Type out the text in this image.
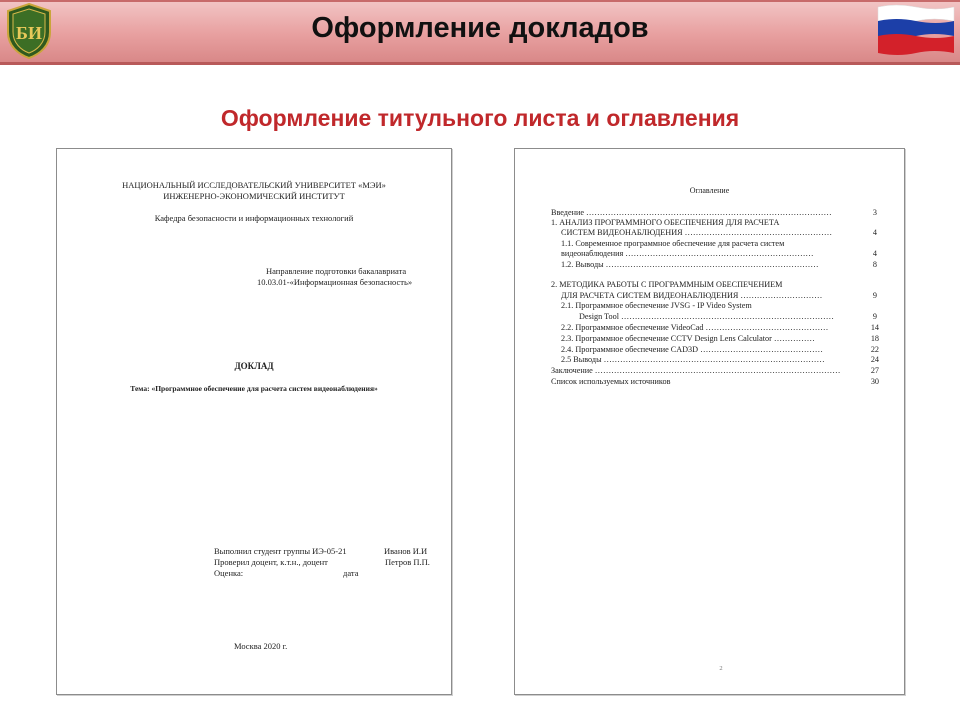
БИ	Оформление докладов
Оформление титульного листа и оглавления
НАЦИОНАЛЬНЫЙ ИССЛЕДОВАТЕЛЬСКИЙ УНИВЕРСИТЕТ «МЭИ»
ИНЖЕНЕРНО-ЭКОНОМИЧЕСКИЙ ИНСТИТУТ
Кафедра безопасности и информационных технологий
Направление подготовки бакалавриата
10.03.01-«Информационная безопасность»
ДОКЛАД
Тема: «Программное обеспечение для расчета систем видеонаблюдения»
Выполнил студент группы ИЭ-05-21	Иванов И.И
Проверил доцент, к.т.н., доцент	Петров П.П.
Оценка:	дата
Москва 2020 г.
Оглавление
Введение ………………………………………………………………………………	3
1. АНАЛИЗ ПРОГРАММНОГО ОБЕСПЕЧЕНИЯ ДЛЯ РАСЧЕТА
СИСТЕМ ВИДЕОНАБЛЮДЕНИЯ ………………………………………………	4
1.1. Современное программное обеспечение для расчета систем
видеонаблюдения ……………………………………………………………	4
1.2. Выводы ……………………………………………………………………	8
2. МЕТОДИКА РАБОТЫ С ПРОГРАММНЫМ ОБЕСПЕЧЕНИЕМ
ДЛЯ РАСЧЕТА СИСТЕМ ВИДЕОНАБЛЮДЕНИЯ …………………………	9
2.1. Программное обеспечение JVSG - IP Video System
Design Tool ……………………………………………………………………	9
2.2. Программное обеспечение VideoCad ………………………………………	14
2.3. Программное обеспечение CCTV Design Lens Calculator ……………	18
2.4. Программное обеспечение CAD3D ………………………………………	22
2.5 Выводы ………………………………………………………………………	24
Заключение ………………………………………………………………………………	27
Список используемых источников	30
2
